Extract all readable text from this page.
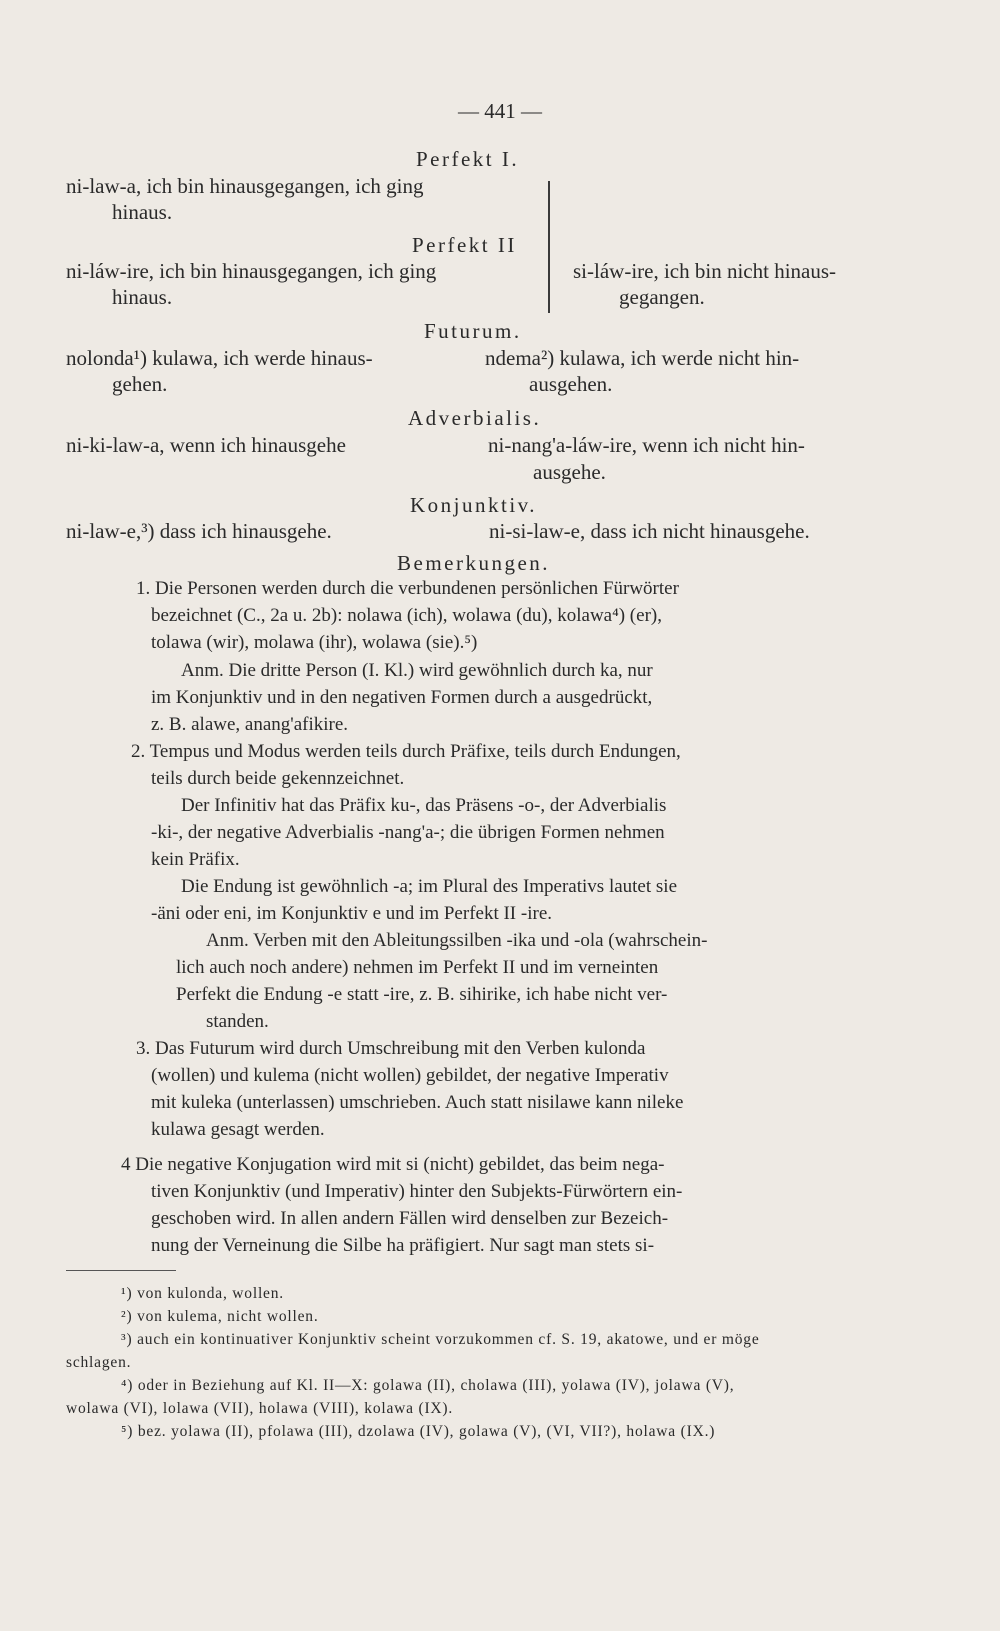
— 441 —
Perfekt I.
ni-law-a, ich bin hinausgegangen, ich ging
hinaus.
Perfekt II
ni-láw-ire, ich bin hinausgegangen, ich ging
hinaus.
si-láw-ire, ich bin nicht hinaus-
gegangen.
Futurum.
nolonda¹) kulawa, ich werde hinaus-
gehen.
ndema²) kulawa, ich werde nicht hin-
ausgehen.
Adverbialis.
ni-ki-law-a, wenn ich hinausgehe	ni-nang'a-láw-ire, wenn ich nicht hin-
ausgehe.
Konjunktiv.
ni-law-e,³) dass ich hinausgehe.	ni-si-law-e, dass ich nicht hinausgehe.
Bemerkungen.
1. Die Personen werden durch die verbundenen persönlichen Fürwörter
bezeichnet (C., 2a u. 2b): nolawa (ich), wolawa (du), kolawa⁴) (er),
tolawa (wir), molawa (ihr), wolawa (sie).⁵)
Anm. Die dritte Person (I. Kl.) wird gewöhnlich durch ka, nur
im Konjunktiv und in den negativen Formen durch a ausgedrückt,
z. B. alawe, anang'afikire.
2. Tempus und Modus werden teils durch Präfixe, teils durch Endungen,
teils durch beide gekennzeichnet.
Der Infinitiv hat das Präfix ku-, das Präsens -o-, der Adverbialis
-ki-, der negative Adverbialis -nang'a-; die übrigen Formen nehmen
kein Präfix.
Die Endung ist gewöhnlich -a; im Plural des Imperativs lautet sie
-äni oder eni, im Konjunktiv e und im Perfekt II -ire.
Anm. Verben mit den Ableitungssilben -ika und -ola (wahrschein-
lich auch noch andere) nehmen im Perfekt II und im verneinten
Perfekt die Endung -e statt -ire, z. B. sihirike, ich habe nicht ver-
standen.
3. Das Futurum wird durch Umschreibung mit den Verben kulonda
(wollen) und kulema (nicht wollen) gebildet, der negative Imperativ
mit kuleka (unterlassen) umschrieben. Auch statt nisilawe kann nileke
kulawa gesagt werden.
4 Die negative Konjugation wird mit si (nicht) gebildet, das beim nega-
tiven Konjunktiv (und Imperativ) hinter den Subjekts-Fürwörtern ein-
geschoben wird. In allen andern Fällen wird denselben zur Bezeich-
nung der Verneinung die Silbe ha präfigiert. Nur sagt man stets si-
¹) von kulonda, wollen.
²) von kulema, nicht wollen.
³) auch ein kontinuativer Konjunktiv scheint vorzukommen cf. S. 19, akatowe, und er möge
schlagen.
⁴) oder in Beziehung auf Kl. II—X: golawa (II), cholawa (III), yolawa (IV), jolawa (V),
wolawa (VI), lolawa (VII), holawa (VIII), kolawa (IX).
⁵) bez. yolawa (II), pfolawa (III), dzolawa (IV), golawa (V), (VI, VII?), holawa (IX.)
